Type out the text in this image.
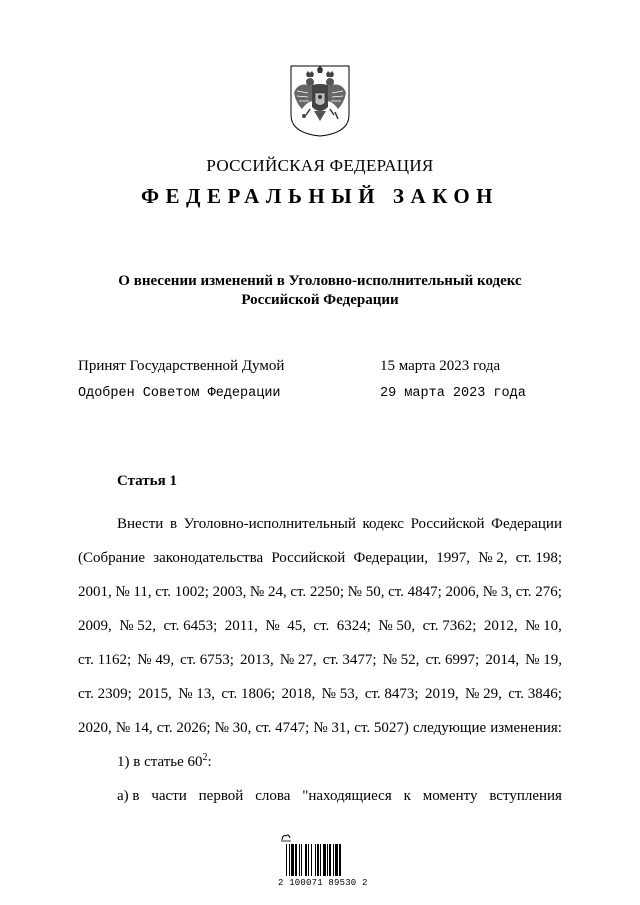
РОССИЙСКАЯ ФЕДЕРАЦИЯ
ФЕДЕРАЛЬНЫЙ ЗАКОН
О внесении изменений в Уголовно-исполнительный кодекс
Российской Федерации
Принят Государственной Думой	15 марта 2023 года
Одобрен Советом Федерации	29 марта 2023 года
Статья 1
Внести в Уголовно-исполнительный кодекс Российской Федерации
(Собрание законодательства Российской Федерации, 1997, № 2, ст. 198;
2001, № 11, ст. 1002; 2003, № 24, ст. 2250; № 50, ст. 4847; 2006, № 3, ст. 276;
2009, № 52, ст. 6453; 2011, № 45, ст. 6324; № 50, ст. 7362; 2012, № 10,
ст. 1162; № 49, ст. 6753; 2013, № 27, ст. 3477; № 52, ст. 6997; 2014, № 19,
ст. 2309; 2015, № 13, ст. 1806; 2018, № 53, ст. 8473; 2019, № 29, ст. 3846;
2020, № 14, ст. 2026; № 30, ст. 4747; № 31, ст. 5027) следующие изменения:
1) в статье $60^2$:
а) в части первой слова "находящиеся к моменту вступления
2 100071 89530 2
